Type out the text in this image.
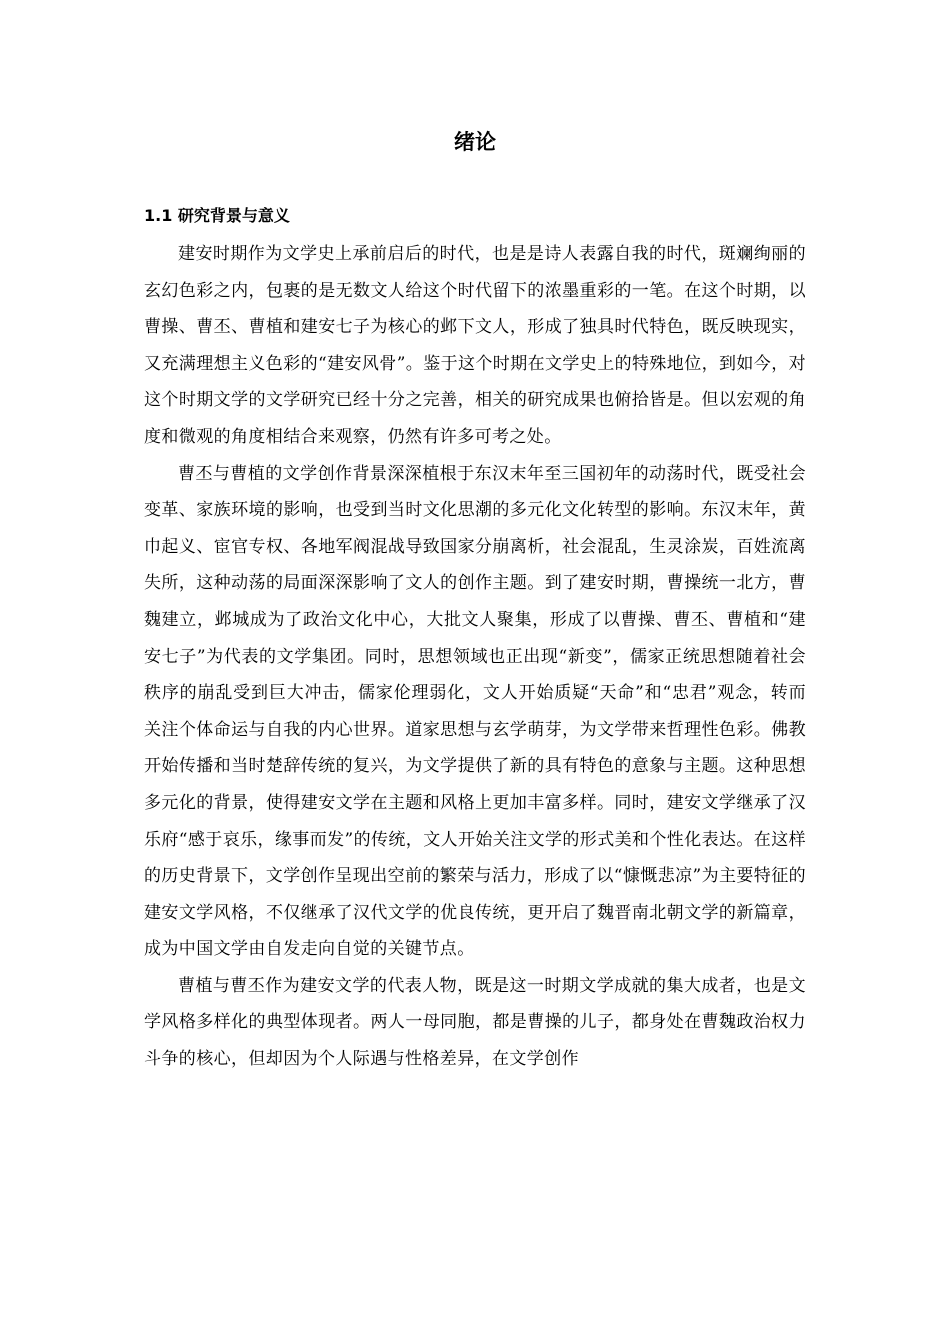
绪论
1.1 研究背景与意义

建安时期作为文学史上承前启后的时代，也是是诗人表露自我的时代，斑斓绚丽的玄幻色彩之内，包裹的是无数文人给这个时代留下的浓墨重彩的一笔。在这个时期，以曹操、曹丕、曹植和建安七子为核心的邺下文人，形成了独具时代特色，既反映现实，又充满理想主义色彩的“建安风骨”。鉴于这个时期在文学史上的特殊地位，到如今，对这个时期文学的文学研究已经十分之完善，相关的研究成果也俯拾皆是。但以宏观的角度和微观的角度相结合来观察，仍然有许多可考之处。

曹丕与曹植的文学创作背景深深植根于东汉末年至三国初年的动荡时代，既受社会变革、家族环境的影响，也受到当时文化思潮的多元化文化转型的影响。东汉末年，黄巾起义、宦官专权、各地军阀混战导致国家分崩离析，社会混乱，生灵涂炭，百姓流离失所，这种动荡的局面深深影响了文人的创作主题。到了建安时期，曹操统一北方，曹魏建立，邺城成为了政治文化中心，大批文人聚集，形成了以曹操、曹丕、曹植和“建安七子”为代表的文学集团。同时，思想领域也正出现“新变”，儒家正统思想随着社会秩序的崩乱受到巨大冲击，儒家伦理弱化，文人开始质疑“天命”和“忠君”观念，转而关注个体命运与自我的内心世界。道家思想与玄学萌芽，为文学带来哲理性色彩。佛教开始传播和当时楚辞传统的复兴，为文学提供了新的具有特色的意象与主题。这种思想多元化的背景，使得建安文学在主题和风格上更加丰富多样。同时，建安文学继承了汉乐府“感于哀乐，缘事而发”的传统，文人开始关注文学的形式美和个性化表达。在这样的历史背景下，文学创作呈现出空前的繁荣与活力，形成了以“慷慨悲凉”为主要特征的建安文学风格，不仅继承了汉代文学的优良传统，更开启了魏晋南北朝文学的新篇章，成为中国文学由自发走向自觉的关键节点。

曹植与曹丕作为建安文学的代表人物，既是这一时期文学成就的集大成者，也是文学风格多样化的典型体现者。两人一母同胞，都是曹操的儿子，都身处在曹魏政治权力斗争的核心，但却因为个人际遇与性格差异，在文学创作
